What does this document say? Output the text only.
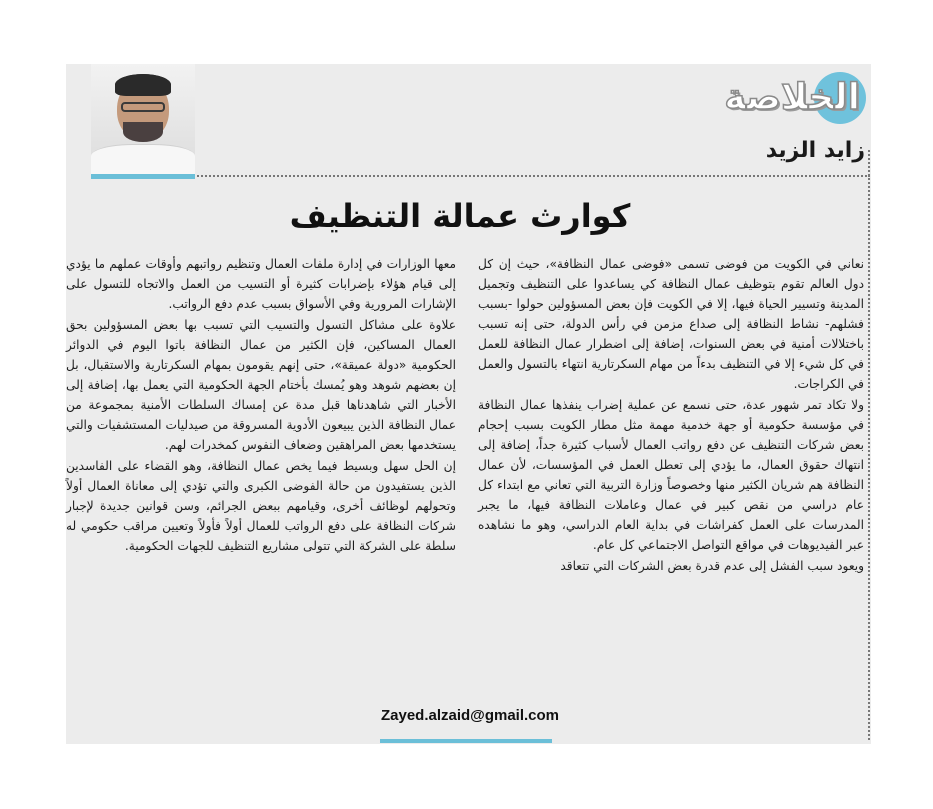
الخلاصة
زايد الزيد
كوارث عمالة التنظيف

نعاني في الكويت من فوضى تسمى «فوضى عمال النظافة»، حيث إن كل دول العالم تقوم بتوظيف عمال النظافة كي يساعدوا على التنظيف وتجميل المدينة وتسيير الحياة فيها، إلا في الكويت فإن بعض المسؤولين حولوا -بسبب فشلهم- نشاط النظافة إلى صداع مزمن في رأس الدولة، حتى إنه تسبب باختلالات أمنية في بعض السنوات، إضافة إلى اضطرار عمال النظافة للعمل في كل شيء إلا في التنظيف بدءاً من مهام السكرتارية انتهاء بالتسول والعمل في الكراجات.

ولا تكاد تمر شهور عدة، حتى نسمع عن عملية إضراب ينفذها عمال النظافة في مؤسسة حكومية أو جهة خدمية مهمة مثل مطار الكويت بسبب إحجام بعض شركات التنظيف عن دفع رواتب العمال لأسباب كثيرة جداً، إضافة إلى انتهاك حقوق العمال، ما يؤدي إلى تعطل العمل في المؤسسات، لأن عمال النظافة هم شريان الكثير منها وخصوصاً وزارة التربية التي تعاني مع ابتداء كل عام دراسي من نقص كبير في عمال وعاملات النظافة فيها، ما يجبر المدرسات على العمل كفراشات في بداية العام الدراسي، وهو ما نشاهده عبر الفيديوهات في مواقع التواصل الاجتماعي كل عام.

ويعود سبب الفشل إلى عدم قدرة بعض الشركات التي تتعاقد

معها الوزارات في إدارة ملفات العمال وتنظيم رواتبهم وأوقات عملهم ما يؤدي إلى قيام هؤلاء بإضرابات كثيرة أو التسيب من العمل والاتجاه للتسول على الإشارات المرورية وفي الأسواق بسبب عدم دفع الرواتب.

علاوة على مشاكل التسول والتسيب التي تسبب بها بعض المسؤولين بحق العمال المساكين، فإن الكثير من عمال النظافة باتوا اليوم في الدوائر الحكومية «دولة عميقة»، حتى إنهم يقومون بمهام السكرتارية والاستقبال، بل إن بعضهم شوهد وهو يُمسك بأختام الجهة الحكومية التي يعمل بها، إضافة إلى الأخبار التي شاهدناها قبل مدة عن إمساك السلطات الأمنية بمجموعة من عمال النظافة الذين يبيعون الأدوية المسروقة من صيدليات المستشفيات والتي يستخدمها بعض المراهقين وضعاف النفوس كمخدرات لهم.

إن الحل سهل وبسيط فيما يخص عمال النظافة، وهو القضاء على الفاسدين الذين يستفيدون من حالة الفوضى الكبرى والتي تؤدي إلى معاناة العمال أولاً وتحولهم لوظائف أخرى، وقيامهم ببعض الجرائم، وسن قوانين جديدة لإجبار شركات النظافة على دفع الرواتب للعمال أولاً فأولاً وتعيين مراقب حكومي له سلطة على الشركة التي تتولى مشاريع التنظيف للجهات الحكومية.

Zayed.alzaid@gmail.com
